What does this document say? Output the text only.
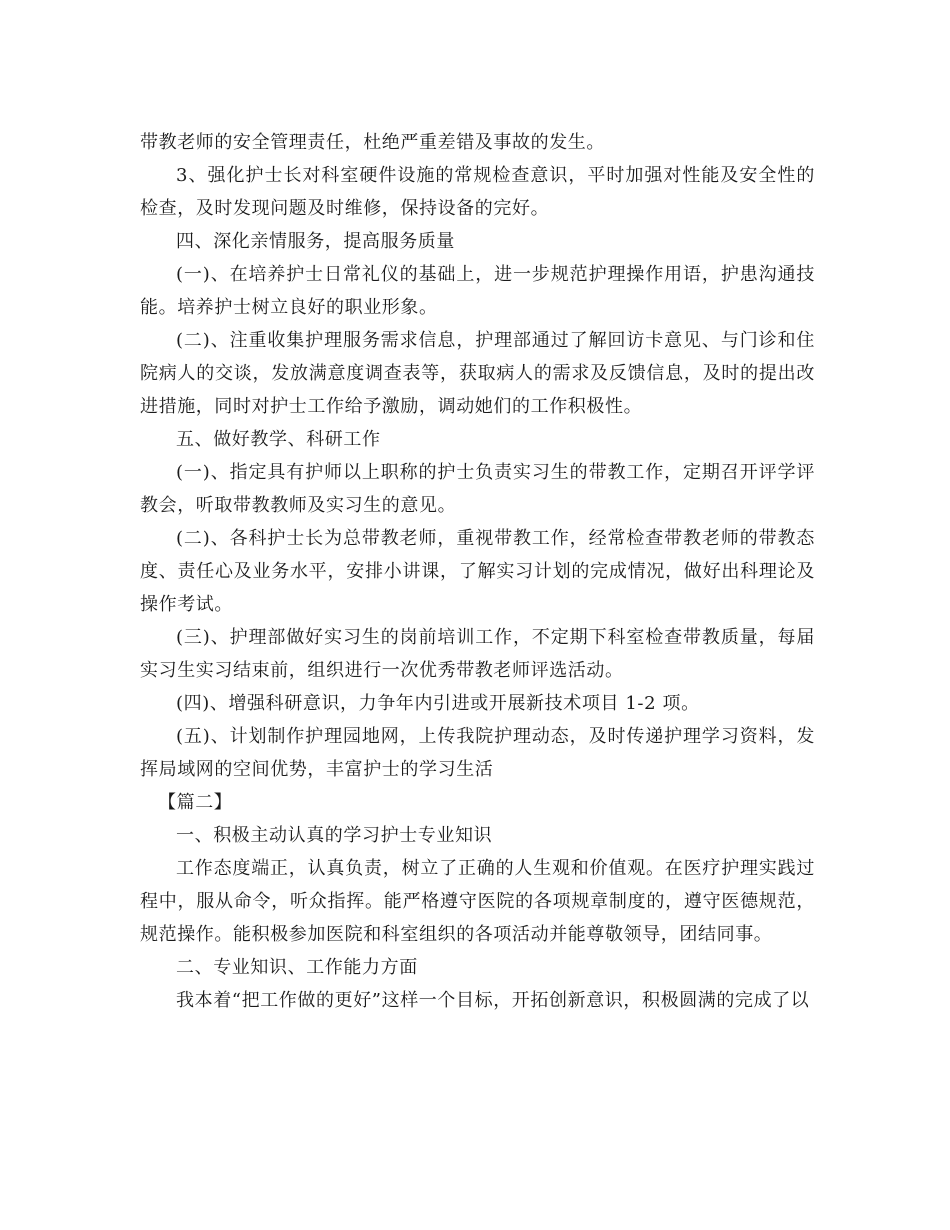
带教老师的安全管理责任，杜绝严重差错及事故的发生。

3、强化护士长对科室硬件设施的常规检查意识，平时加强对性能及安全性的检查，及时发现问题及时维修，保持设备的完好。

四、深化亲情服务，提高服务质量

(一)、在培养护士日常礼仪的基础上，进一步规范护理操作用语，护患沟通技能。培养护士树立良好的职业形象。

(二)、注重收集护理服务需求信息，护理部通过了解回访卡意见、与门诊和住院病人的交谈，发放满意度调查表等，获取病人的需求及反馈信息，及时的提出改进措施，同时对护士工作给予激励，调动她们的工作积极性。

五、做好教学、科研工作

(一)、指定具有护师以上职称的护士负责实习生的带教工作，定期召开评学评教会，听取带教教师及实习生的意见。

(二)、各科护士长为总带教老师，重视带教工作，经常检查带教老师的带教态度、责任心及业务水平，安排小讲课，了解实习计划的完成情况，做好出科理论及操作考试。

(三)、护理部做好实习生的岗前培训工作，不定期下科室检查带教质量，每届实习生实习结束前，组织进行一次优秀带教老师评选活动。

(四)、增强科研意识，力争年内引进或开展新技术项目 1-2 项。

(五)、计划制作护理园地网，上传我院护理动态，及时传递护理学习资料，发挥局域网的空间优势，丰富护士的学习生活

【篇二】

一、积极主动认真的学习护士专业知识

工作态度端正，认真负责，树立了正确的人生观和价值观。在医疗护理实践过程中，服从命令，听众指挥。能严格遵守医院的各项规章制度的，遵守医德规范，规范操作。能积极参加医院和科室组织的各项活动并能尊敬领导，团结同事。

二、专业知识、工作能力方面

我本着“把工作做的更好”这样一个目标，开拓创新意识，积极圆满的完成了以
